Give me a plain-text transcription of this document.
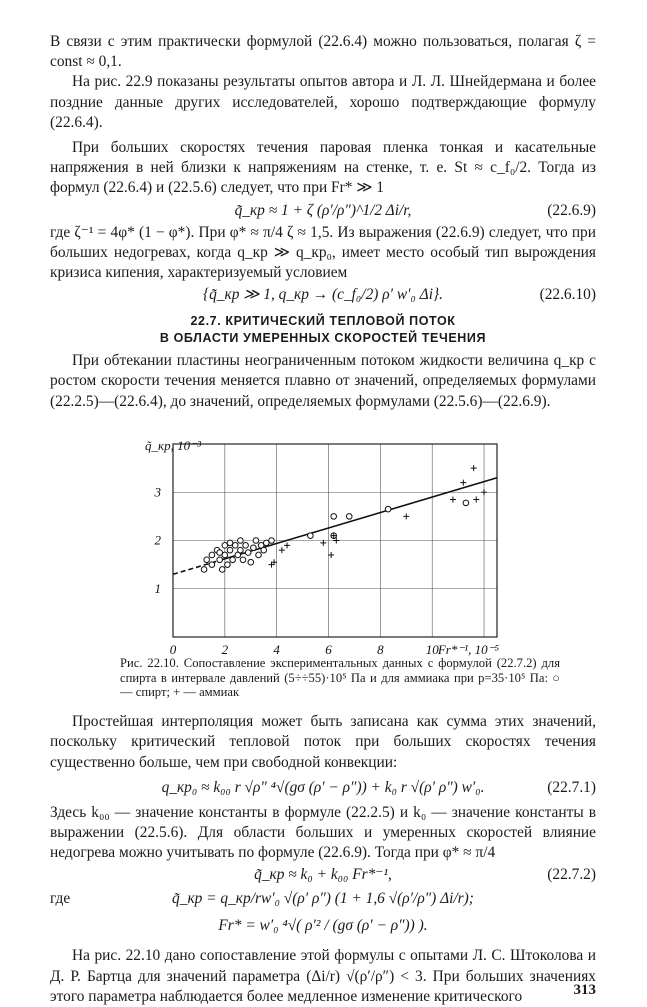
В связи с этим практически формулой (22.6.4) можно пользоваться, полагая ζ = const ≈ 0,1.

На рис. 22.9 показаны результаты опытов автора и Л. Л. Шнейдермана и более поздние данные других исследователей, хорошо подтверждающие формулу (22.6.4).

При больших скоростях течения паровая пленка тонкая и касательные напряжения в ней близки к напряжениям на стенке, т. е. St ≈ c_f₀/2. Тогда из формул (22.6.4) и (22.5.6) следует, что при Fr* ≫ 1

q̃_кр ≈ 1 + ζ (ρ′/ρ″)^1/2 Δi/r,	(22.6.9)

где ζ⁻¹ = 4φ* (1 − φ*). При φ* ≈ π/4 ζ ≈ 1,5. Из выражения (22.6.9) следует, что при больших недогревах, когда q_кр ≫ q_кр₀, имеет место особый тип вырождения кризиса кипения, характеризуемый условием

{q̃_кр ≫ 1, q_кр → (c_f₀/2) ρ′ w′₀ Δi}.	(22.6.10)
22.7. КРИТИЧЕСКИЙ ТЕПЛОВОЙ ПОТОК
В ОБЛАСТИ УМЕРЕННЫХ СКОРОСТЕЙ ТЕЧЕНИЯ

При обтекании пластины неограниченным потоком жидкости величина q_кр с ростом скорости течения меняется плавно от значений, определяемых формулами (22.2.5)—(22.6.4), до значений, определяемых формулами (22.5.6)—(22.6.9).

0	2	4	6	8	10
1
2
3
Fr*⁻¹, 10⁻⁵
q̃_кр, 10⁻³
Рис. 22.10. Сопоставление экспериментальных данных с формулой (22.7.2) для спирта в интервале давлений (5÷÷55)·10⁵ Па и для аммиака при p=35·10⁵ Па: ○ — спирт; + — аммиак

Простейшая интерполяция может быть записана как сумма этих значений, поскольку критический тепловой поток при больших скоростях течения существенно больше, чем при свободной конвекции:

q_кр₀ ≈ k₀₀ r √ρ″ ⁴√(gσ (ρ′ − ρ″)) + k₀ r √(ρ′ ρ″) w′₀.	(22.7.1)

Здесь k₀₀ — значение константы в формуле (22.2.5) и k₀ — значение константы в выражении (22.5.6). Для области больших и умеренных скоростей влияние недогрева можно учитывать по формуле (22.6.9). Тогда при φ* ≈ π/4

q̃_кр ≈ k₀ + k₀₀ Fr*⁻¹,	(22.7.2)
где	q̃_кр = q_кр/rw′₀ √(ρ′ ρ″) (1 + 1,6 √(ρ′/ρ″) Δi/r);
Fr* = w′₀ ⁴√( ρ′² / (gσ (ρ′ − ρ″)) ).

На рис. 22.10 дано сопоставление этой формулы с опытами Л. С. Штоколова и Д. Р. Бартца для значений параметра (Δi/r) √(ρ′/ρ″) < 3. При больших значениях этого параметра наблюдается более медленное изменение критического	313
